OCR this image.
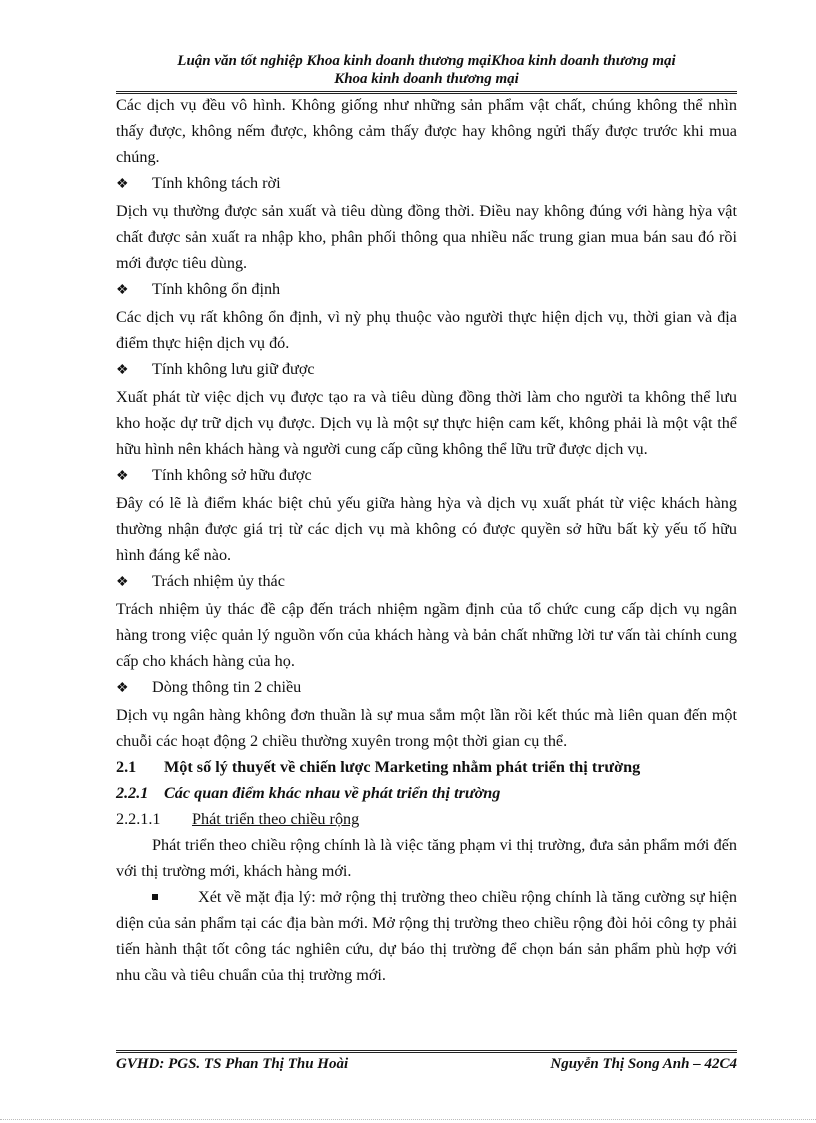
Luận văn tốt nghiệp Khoa kinh doanh thương mạiKhoa kinh doanh thương mại
Khoa kinh doanh thương mại

Các dịch vụ đều vô hình. Không giống như những sản phẩm vật chất, chúng không thể nhìn thấy được, không nếm được, không cảm thấy được hay không ngửi thấy được trước khi mua chúng.

❖	Tính không tách rời

Dịch vụ thường được sản xuất và tiêu dùng đồng thời. Điều nay không đúng với hàng hỳa vật chất được sản xuất ra nhập kho, phân phối thông qua nhiều nấc trung gian mua bán sau đó rồi mới được tiêu dùng.

❖	Tính không ổn định

Các dịch vụ rất không ổn định, vì nỳ phụ thuộc vào người thực hiện dịch vụ, thời gian và địa điểm thực hiện dịch vụ đó.

❖	Tính không lưu giữ được

Xuất phát từ việc dịch vụ được tạo ra và tiêu dùng đồng thời làm cho người ta không thể lưu kho hoặc dự trữ dịch vụ được. Dịch vụ là một sự thực hiện cam kết, không phải là một vật thể hữu hình nên khách hàng và người cung cấp cũng không thể lữu trữ được dịch vụ.

❖	Tính không sở hữu được

Đây có lẽ là điểm khác biệt chủ yếu giữa hàng hỳa và dịch vụ xuất phát từ việc khách hàng thường nhận được giá trị từ các dịch vụ mà không có được quyền sở hữu bất kỳ yếu tố hữu hình đáng kể nào.

❖	Trách nhiệm ủy thác

Trách nhiệm ủy thác đề cập đến trách nhiệm ngầm định của tổ chức cung cấp dịch vụ ngân hàng trong việc quản lý nguồn vốn của khách hàng và bản chất những lời tư vấn tài chính cung cấp cho khách hàng của họ.

❖	Dòng thông tin 2 chiều

Dịch vụ ngân hàng không đơn thuần là sự mua sắm một lần rồi kết thúc mà liên quan đến một chuỗi các hoạt động 2 chiều thường xuyên trong một thời gian cụ thể.

2.1	Một số lý thuyết về chiến lược Marketing nhằm phát triển thị trường
2.2.1 Các quan điểm khác nhau về phát triển thị trường
2.2.1.1	Phát triển theo chiều rộng

Phát triển theo chiều rộng chính là là việc tăng phạm vi thị trường, đưa sản phẩm mới đến với thị trường mới, khách hàng mới.

Xét về mặt địa lý: mở rộng thị trường theo chiều rộng chính là tăng cường sự hiện diện của sản phẩm tại các địa bàn mới. Mở rộng thị trường theo chiều rộng đòi hỏi công ty phải tiến hành thật tốt công tác nghiên cứu, dự báo thị trường để chọn bán sản phẩm phù hợp với nhu cầu và tiêu chuẩn của thị trường mới.

GVHD: PGS. TS Phan Thị Thu Hoài	Nguyễn Thị Song Anh – 42C4
